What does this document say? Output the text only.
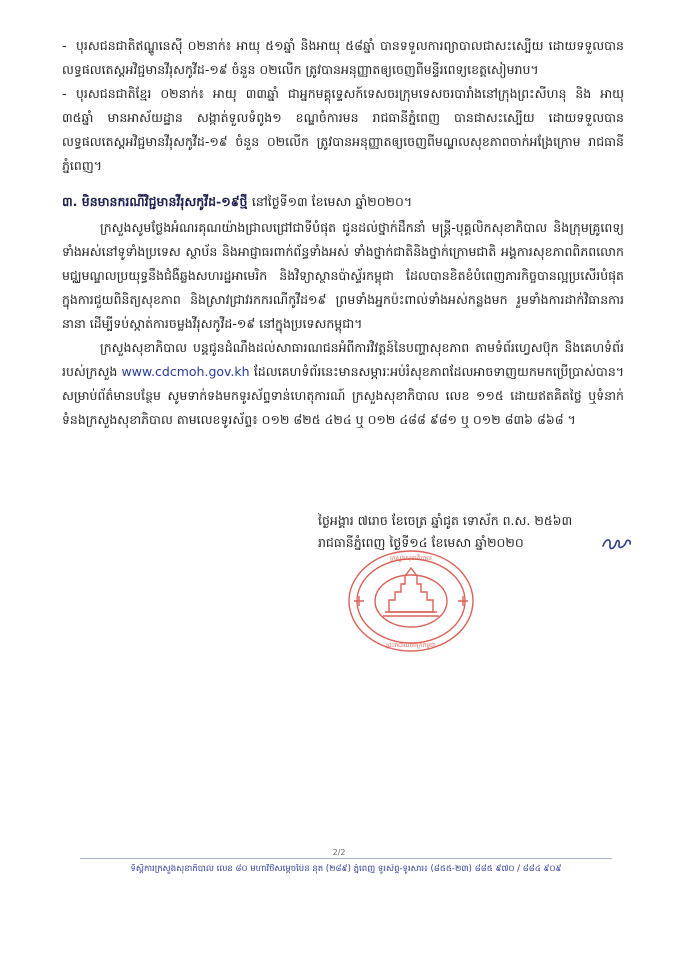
- បុរសជនជាតិឥណ្ឌូនេស៊ី ០២នាក់៖ អាយុ ៥១ឆ្នាំ និងអាយុ ៥៨ឆ្នាំ បានទទួលការព្យាបាលជាសះស្បើយ ដោយទទួលបានលទ្ធផលតេស្តអវិជ្ជមានវីរុសកូវីដ-១៩ ចំនួន ០២លើក ត្រូវបានអនុញ្ញាតឲ្យចេញពីមន្ទីរពេទ្យខេត្តសៀមរាប។

- បុរសជនជាតិខ្មែរ ០២នាក់៖ អាយុ ៣៣ឆ្នាំ ជាអ្នកមគ្គុទ្ទេសក៍ទេសចរក្រុមទេសចរបារាំងនៅក្រុងព្រះសីហនុ និង អាយុ ៣៥ឆ្នាំ មានអាស័យដ្ឋាន សង្កាត់ទួលទំពូង១ ខណ្ឌចំការមន រាជធានីភ្នំពេញ បានជាសះស្បើយ ដោយទទួលបានលទ្ធផលតេស្តអវិជ្ជមានវីរុសកូវីដ-១៩ ចំនួន ០២លើក ត្រូវបានអនុញ្ញាតឲ្យចេញពីមណ្ឌលសុខភាពចាក់អង្រែក្រោម រាជធានីភ្នំពេញ។

៣. មិនមានករណីវិជ្ជមានវីរុសកូវីដ-១៩ថ្មី នៅថ្ងៃទី១៣ ខែមេសា ឆ្នាំ២០២០។

ក្រសួងសូមថ្លែងអំណរគុណយ៉ាងជ្រាលជ្រៅជាទីបំផុត ជូនដល់ថ្នាក់ដឹកនាំ មន្ត្រី-បុគ្គលិកសុខាភិបាល និងក្រុមគ្រូពេទ្យទាំងអស់នៅទូទាំងប្រទេស ស្ថាប័ន និងអាជ្ញាធរពាក់ព័ន្ធទាំងអស់ ទាំងថ្នាក់ជាតិនិងថ្នាក់ក្រោមជាតិ អង្គការសុខភាពពិភពលោក មជ្ឈមណ្ឌលប្រយុទ្ធនឹងជំងឺឆ្លងសហរដ្ឋអាមេរិក និងវិទ្យាស្ថានប៉ាស្ទ័រកម្ពុជា ដែលបានខិតខំបំពេញភារកិច្ចបានល្អប្រសើរបំផុត ក្នុងការជួយពិនិត្យសុខភាព និងស្រាវជ្រាវរកករណីកូវីដ១៩ ព្រមទាំងអ្នកប៉ះពាល់ទាំងអស់កន្លងមក រួមទាំងការដាក់វិធានការនានា ដើម្បីទប់ស្កាត់ការចម្លងវីរុសកូវីដ-១៩ នៅក្នុងប្រទេសកម្ពុជា។

ក្រសួងសុខាភិបាល បន្តជូនដំណឹងដល់សាធារណជនអំពីការវិវត្តន៍នៃបញ្ហាសុខភាព តាមទំព័រហ្វេសប៊ុក និងគេហទំព័ររបស់ក្រសួង www.cdcmoh.gov.kh ដែលគេហទំព័រនេះមានសម្ភារៈអប់រំសុខភាពដែលអាចទាញយកមកប្រើប្រាស់បាន។ សម្រាប់ព័ត៌មានបន្ថែម សូមទាក់ទងមកទូរស័ព្ទទាន់ហេតុការណ៍ ក្រសួងសុខាភិបាល លេខ ១១៥ ដោយឥតគិតថ្លៃ ឬទំនាក់ទំនងក្រសួងសុខាភិបាល តាមលេខទូរស័ព្ទ៖ ០១២ ៨២៥ ៤២៤ ឬ ០១២ ៤៨៨ ៩៨១ ឬ ០១២ ៨៣៦ ៨៦៨ ។

ថ្ងៃអង្គារ ៧រោច ខែចេត្រ ឆ្នាំជូត ទោស័ក ព.ស. ២៥៦៣
រាជធានីភ្នំពេញ ថ្ងៃទី១៤ ខែមេសា ឆ្នាំ២០២០
ក្រសួងសុខាភិបាល
ព្រះរាជាណាចក្រកម្ពុជា
2/2
ទីស្តីការក្រសួងសុខាភិបាល លេខ ៨០ មហាវិថីសម្តេចប៉ែន នុត (២៨៩) ភ្នំពេញ ទូរស័ព្ទ-ទូរសារ៖ (៨៥៥-២៣) ៨៨៥ ៩៧០ / ៨៨៤ ៩០៩
